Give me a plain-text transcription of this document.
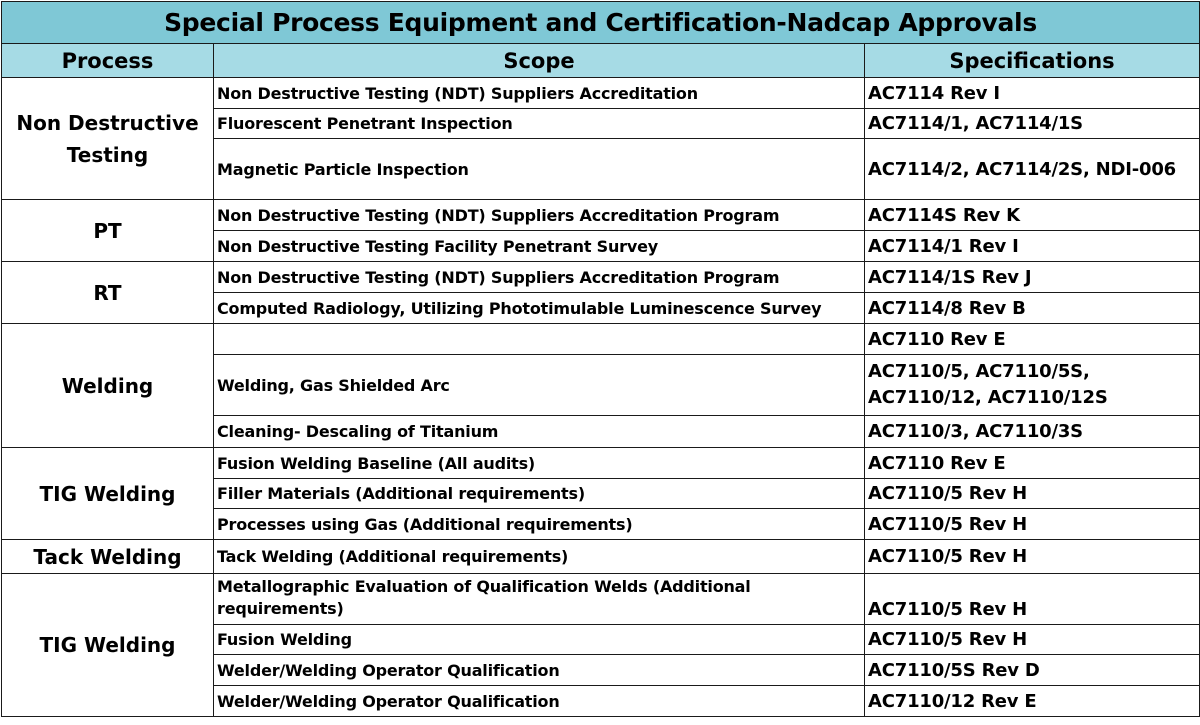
Special Process Equipment and Certification-Nadcap Approvals		
Process	Scope	Specifications
Non Destructive Testing	Non Destructive Testing (NDT) Suppliers Accreditation	AC7114 Rev I
	Fluorescent Penetrant Inspection	AC7114/1, AC7114/1S
	Magnetic Particle Inspection	AC7114/2, AC7114/2S, NDI-006
PT	Non Destructive Testing (NDT) Suppliers Accreditation Program	AC7114S Rev K
	Non Destructive Testing Facility Penetrant Survey	AC7114/1 Rev I
RT	Non Destructive Testing (NDT) Suppliers Accreditation Program	AC7114/1S Rev J
	Computed Radiology, Utilizing Phototimulable Luminescence Survey	AC7114/8 Rev B
Welding		AC7110 Rev E
	Welding, Gas Shielded Arc	AC7110/5, AC7110/5S, AC7110/12, AC7110/12S
	Cleaning- Descaling of Titanium	AC7110/3, AC7110/3S
TIG Welding	Fusion Welding Baseline (All audits)	AC7110 Rev E
	Filler Materials (Additional requirements)	AC7110/5 Rev H
	Processes using Gas (Additional requirements)	AC7110/5 Rev H
Tack Welding	Tack Welding (Additional requirements)	AC7110/5 Rev H
TIG Welding	Metallographic Evaluation of Qualification Welds (Additional requirements)	AC7110/5 Rev H
	Fusion Welding	AC7110/5 Rev H
	Welder/Welding Operator Qualification	AC7110/5S Rev D
	Welder/Welding Operator Qualification	AC7110/12 Rev E
